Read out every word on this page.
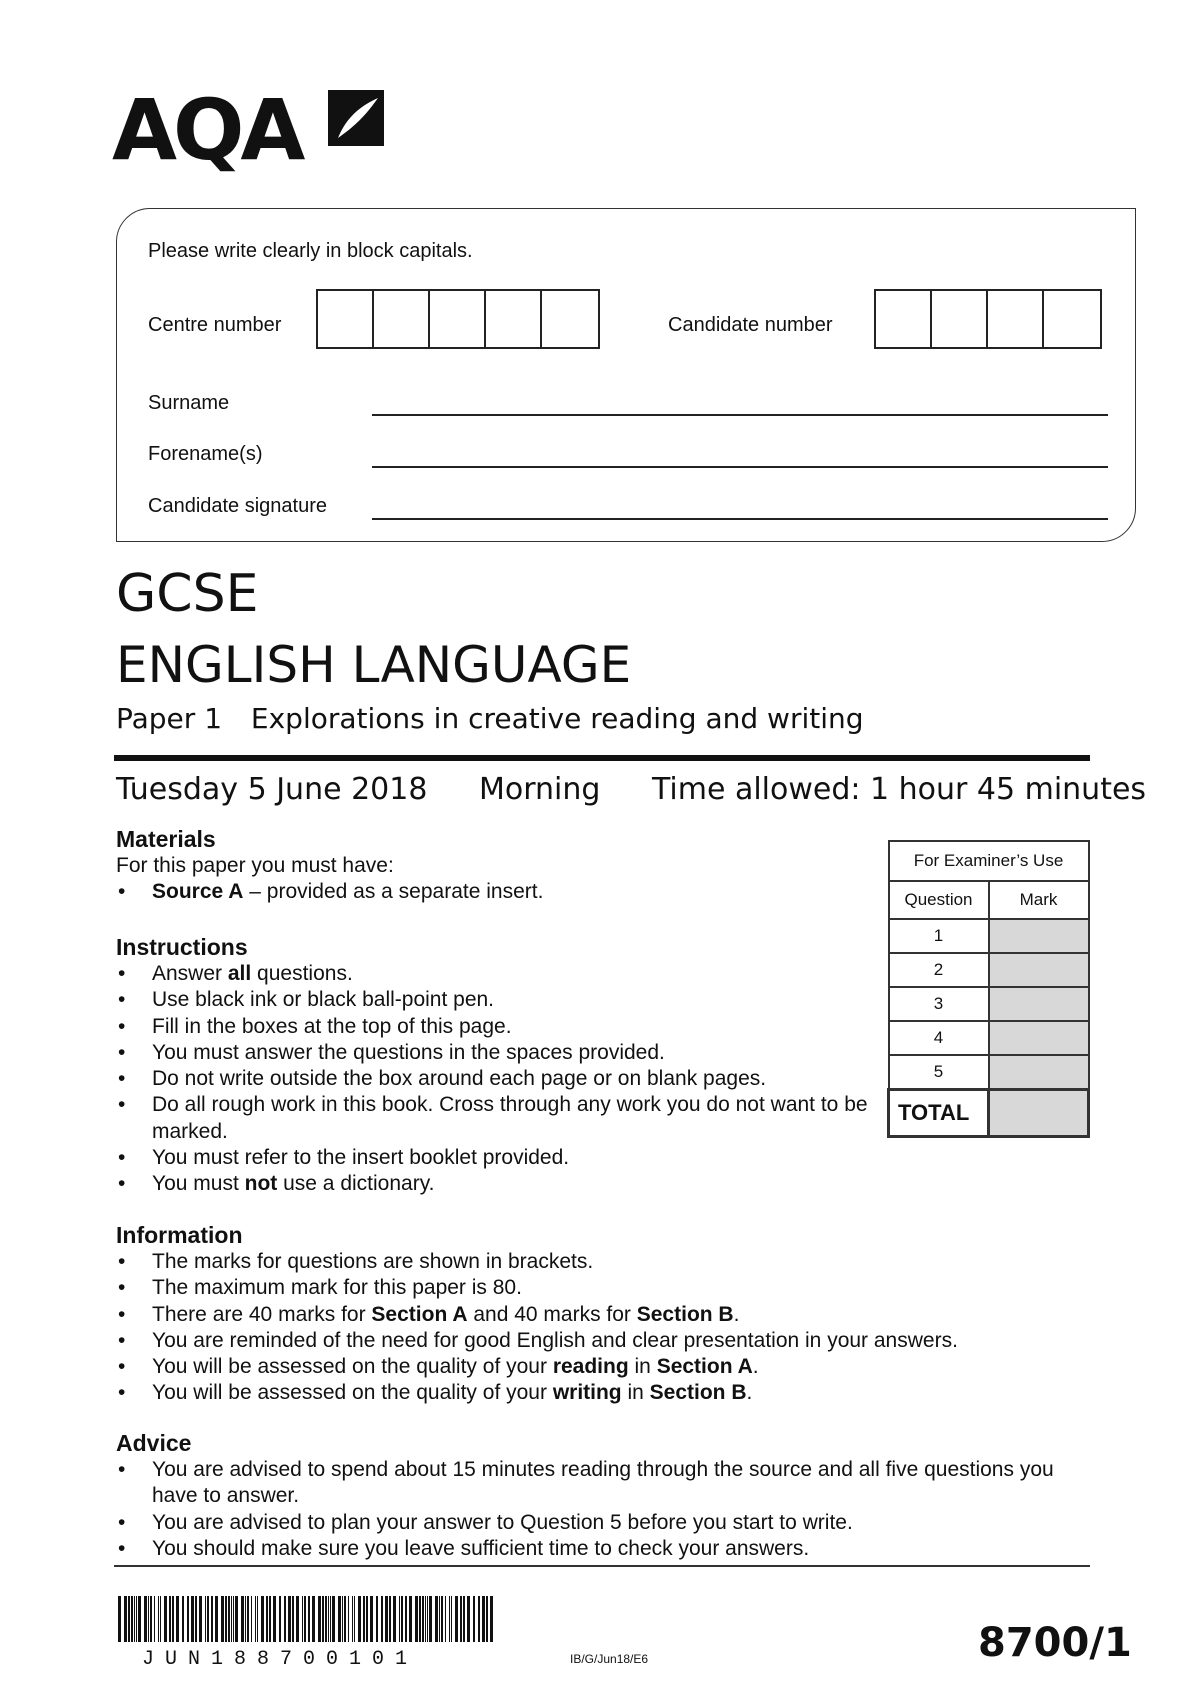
AQA
Please write clearly in block capitals.
Centre number	Candidate number
Surname
Forename(s)
Candidate signature
GCSE
ENGLISH LANGUAGE
Paper 1 Explorations in creative reading and writing
Tuesday 5 June 2018 Morning Time allowed: 1 hour 45 minutes
Materials
For this paper you must have:
• Source A – provided as a separate insert.
Instructions
• Answer all questions.
• Use black ink or black ball-point pen.
• Fill in the boxes at the top of this page.
• You must answer the questions in the spaces provided.
• Do not write outside the box around each page or on blank pages.
• Do all rough work in this book. Cross through any work you do not want to be marked.
• You must refer to the insert booklet provided.
• You must not use a dictionary.
Information
• The marks for questions are shown in brackets.
• The maximum mark for this paper is 80.
• There are 40 marks for Section A and 40 marks for Section B.
• You are reminded of the need for good English and clear presentation in your answers.
• You will be assessed on the quality of your reading in Section A.
• You will be assessed on the quality of your writing in Section B.
Advice
• You are advised to spend about 15 minutes reading through the source and all five questions you have to answer.
• You are advised to plan your answer to Question 5 before you start to write.
• You should make sure you leave sufficient time to check your answers.
For Examiner’s Use	
Question	Mark
1	
2	
3	
4	
5	
TOTAL	
JUN188700101	IB/G/Jun18/E6	8700/1
